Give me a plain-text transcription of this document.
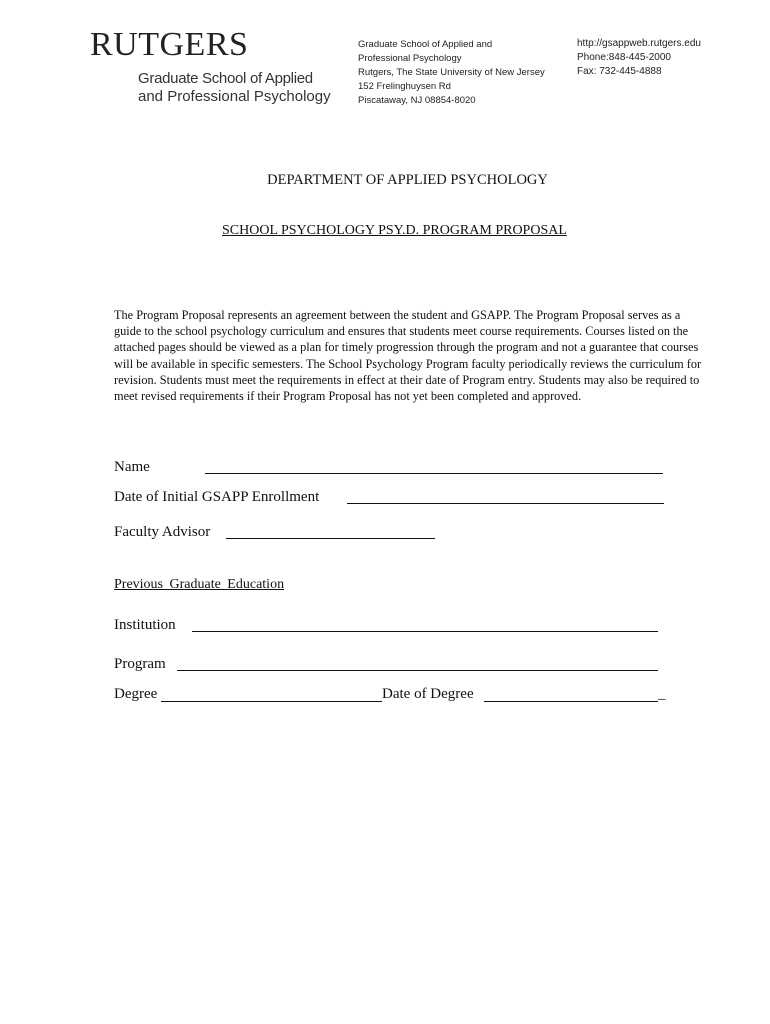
RUTGERS
Graduate School of Applied
and Professional Psychology
Graduate School of Applied and
Professional Psychology
Rutgers, The State University of New Jersey
152 Frelinghuysen Rd
Piscataway, NJ 08854-8020
http://gsappweb.rutgers.edu
Phone:848-445-2000
Fax: 732-445-4888
DEPARTMENT OF APPLIED PSYCHOLOGY
SCHOOL PSYCHOLOGY PSY.D. PROGRAM PROPOSAL

The Program Proposal represents an agreement between the student and GSAPP. The Program Proposal serves as a guide to the school psychology curriculum and ensures that students meet course requirements. Courses listed on the attached pages should be viewed as a plan for timely progression through the program and not a guarantee that courses will be available in specific semesters. The School Psychology Program faculty periodically reviews the curriculum for revision. Students must meet the requirements in effect at their date of Program entry. Students may also be required to meet revised requirements if their Program Proposal has not yet been completed and approved.

Name
Date of Initial GSAPP Enrollment
Faculty Advisor
Previous Graduate Education
Institution
Program
Degree	Date of Degree	_
